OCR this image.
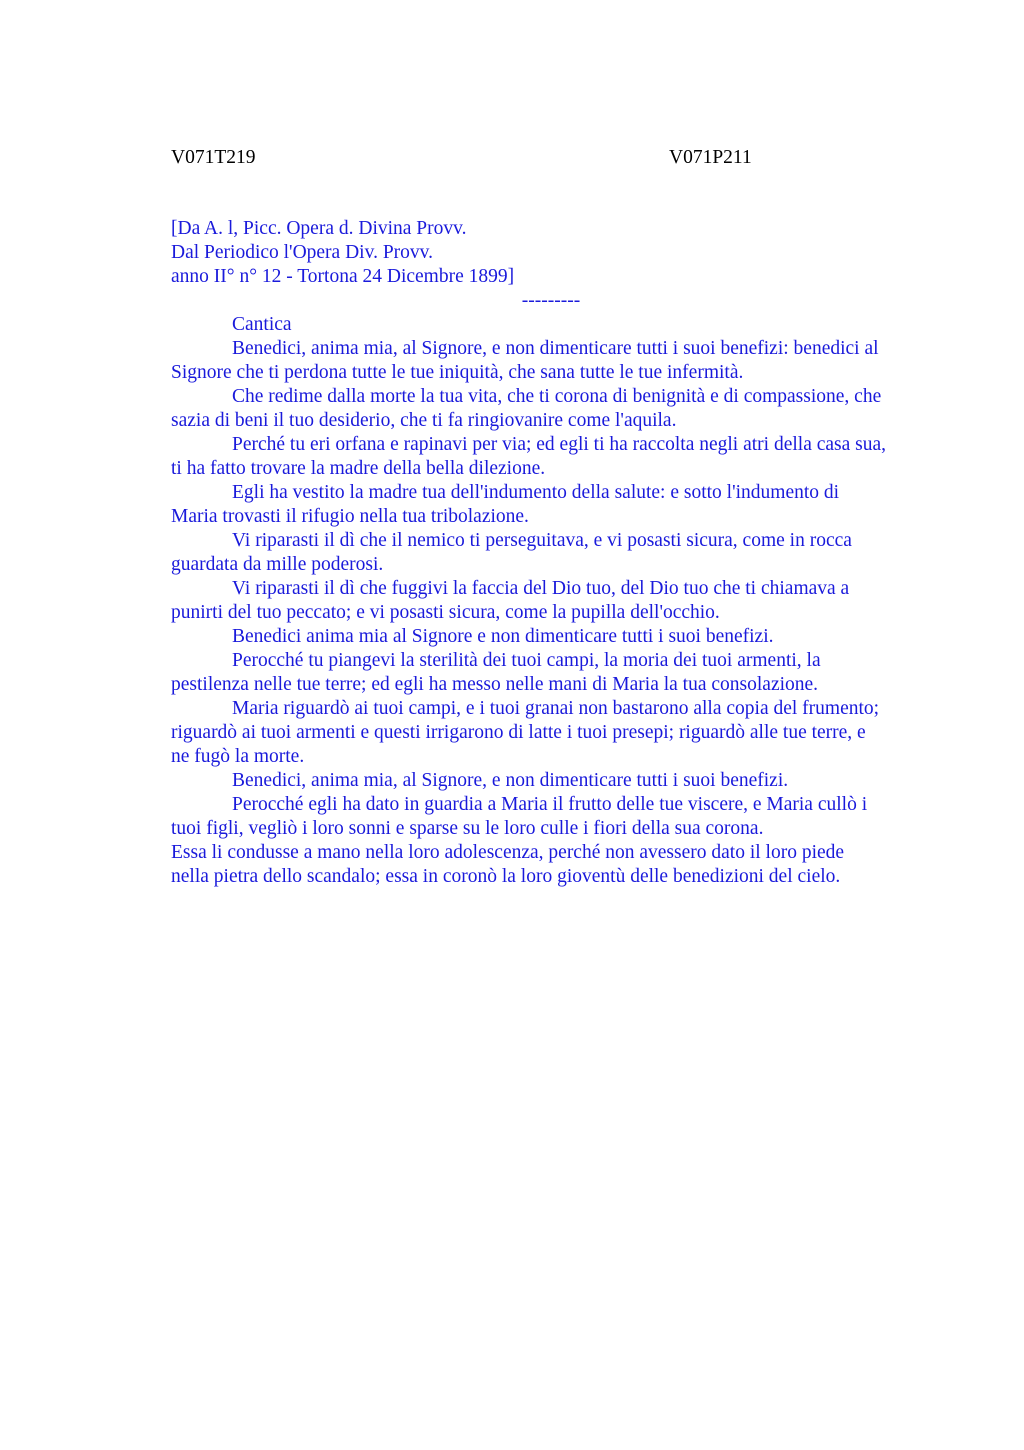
V071T219	V071P211
[Da A. l, Picc. Opera d. Divina Provv.
Dal Periodico l'Opera Div. Provv.
anno II° n° 12 - Tortona 24 Dicembre 1899]
---------
Cantica
Benedici, anima mia, al Signore, e non dimenticare tutti i suoi benefizi: benedici al
Signore che ti perdona tutte le tue iniquità, che sana tutte le tue infermità.
Che redime dalla morte la tua vita, che ti corona di benignità e di compassione, che
sazia di beni il tuo desiderio, che ti fa ringiovanire come l'aquila.
Perché tu eri orfana e rapinavi per via; ed egli ti ha raccolta negli atri della casa sua,
ti ha fatto trovare la madre della bella dilezione.
Egli ha vestito la madre tua dell'indumento della salute: e sotto l'indumento di
Maria trovasti il rifugio nella tua tribolazione.
Vi riparasti il dì che il nemico ti perseguitava, e vi posasti sicura, come in rocca
guardata da mille poderosi.
Vi riparasti il dì che fuggivi la faccia del Dio tuo, del Dio tuo che ti chiamava a
punirti del tuo peccato; e vi posasti sicura, come la pupilla dell'occhio.
Benedici anima mia al Signore e non dimenticare tutti i suoi benefizi.
Perocché tu piangevi la sterilità dei tuoi campi, la moria dei tuoi armenti, la
pestilenza nelle tue terre; ed egli ha messo nelle mani di Maria la tua consolazione.
Maria riguardò ai tuoi campi, e i tuoi granai non bastarono alla copia del frumento;
riguardò ai tuoi armenti e questi irrigarono di latte i tuoi presepi; riguardò alle tue terre, e
ne fugò la morte.
Benedici, anima mia, al Signore, e non dimenticare tutti i suoi benefizi.
Perocché egli ha dato in guardia a Maria il frutto delle tue viscere, e Maria cullò i
tuoi figli, vegliò i loro sonni e sparse su le loro culle i fiori della sua corona.
Essa li condusse a mano nella loro adolescenza, perché non avessero dato il loro piede
nella pietra dello scandalo; essa in coronò la loro gioventù delle benedizioni del cielo.
